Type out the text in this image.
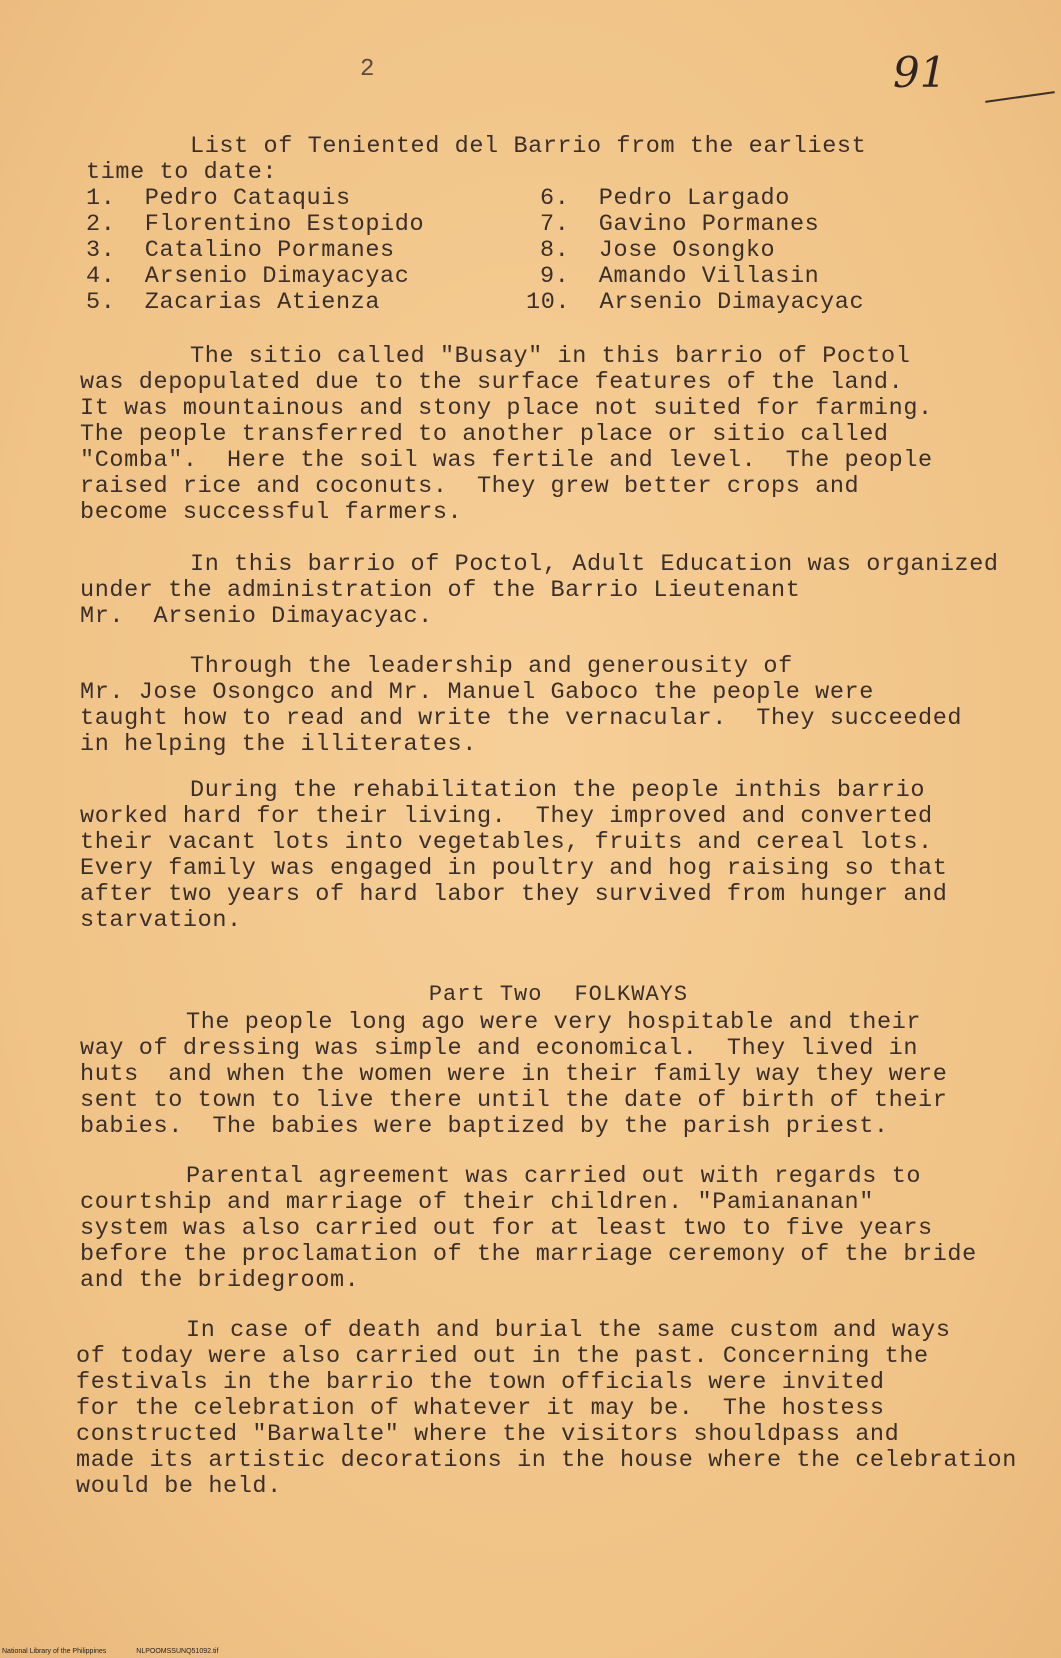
2	91
List of Teniented del Barrio from the earliest
time to date:
1.  Pedro Cataquis
2.  Florentino Estopido
3.  Catalino Pormanes
4.  Arsenio Dimayacyac
5.  Zacarias Atienza
6.  Pedro Largado
7.  Gavino Pormanes
8.  Jose Osongko
9.  Amando Villasin
10.  Arsenio Dimayacyac
The sitio called "Busay" in this barrio of Poctol
was depopulated due to the surface features of the land.
It was mountainous and stony place not suited for farming.
The people transferred to another place or sitio called
"Comba".  Here the soil was fertile and level.  The people
raised rice and coconuts.  They grew better crops and
become successful farmers.
In this barrio of Poctol, Adult Education was organized
under the administration of the Barrio Lieutenant
Mr.  Arsenio Dimayacyac.
Through the leadership and generousity of
Mr. Jose Osongco and Mr. Manuel Gaboco the people were
taught how to read and write the vernacular.  They succeeded
in helping the illiterates.
During the rehabilitation the people inthis barrio
worked hard for their living.  They improved and converted
their vacant lots into vegetables, fruits and cereal lots.
Every family was engaged in poultry and hog raising so that
after two years of hard labor they survived from hunger and
starvation.

Part Two FOLKWAYS

The people long ago were very hospitable and their
way of dressing was simple and economical.  They lived in
huts  and when the women were in their family way they were
sent to town to live there until the date of birth of their
babies.  The babies were baptized by the parish priest.
Parental agreement was carried out with regards to
courtship and marriage of their children. "Pamiananan"
system was also carried out for at least two to five years
before the proclamation of the marriage ceremony of the bride
and the bridegroom.
In case of death and burial the same custom and ways
of today were also carried out in the past. Concerning the
festivals in the barrio the town officials were invited
for the celebration of whatever it may be.  The hostess
constructed "Barwalte" where the visitors shouldpass and
made its artistic decorations in the house where the celebration
would be held.
National Library of the Philippines	NLPOOMSSUNQ51092.tif
